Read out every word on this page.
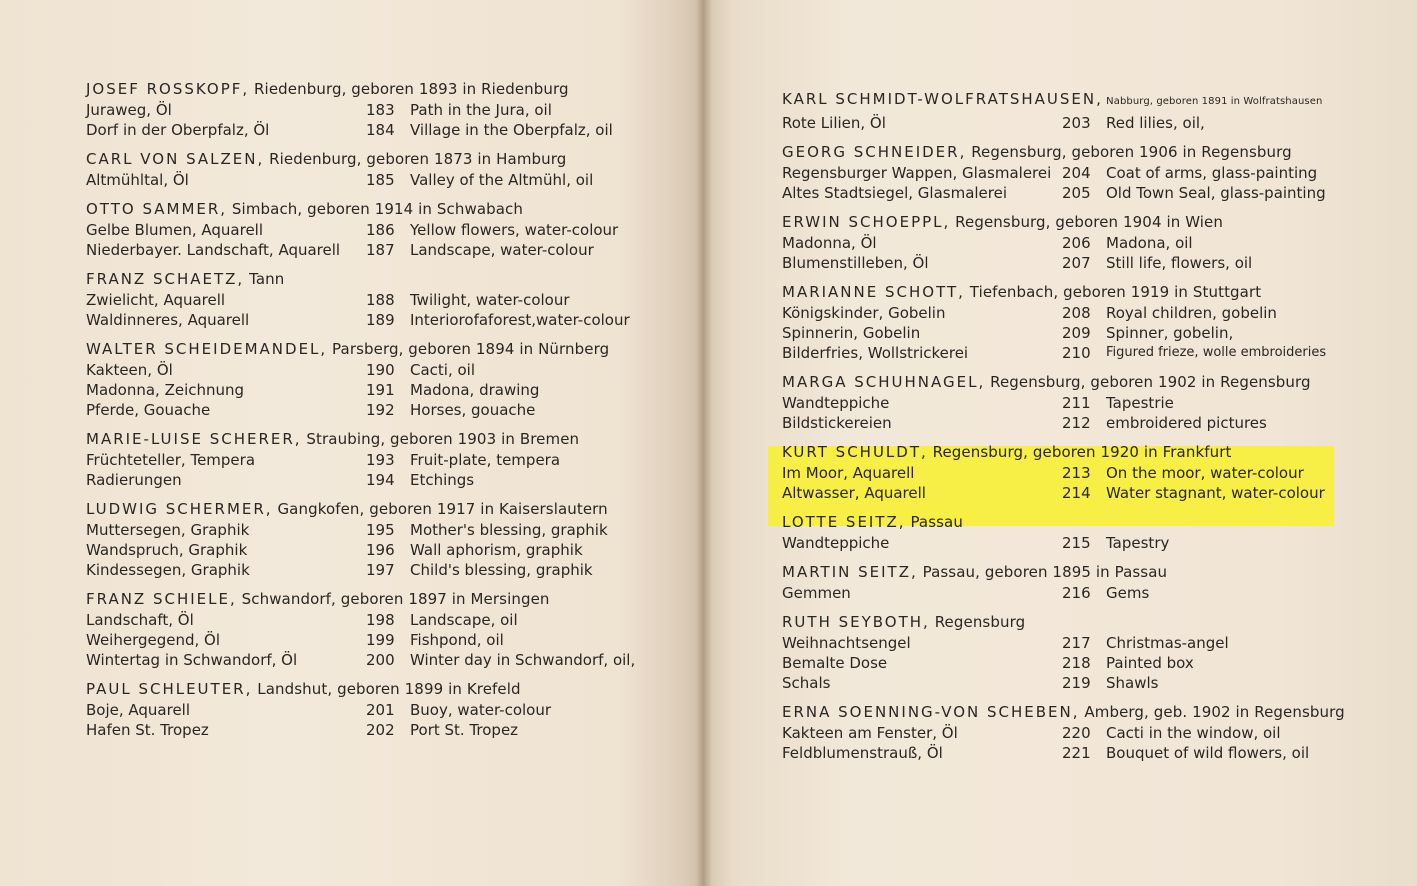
JOSEF ROSSKOPF, Riedenburg, geboren 1893 in Riedenburg
Juraweg, Öl	183	Path in the Jura, oil
Dorf in der Oberpfalz, Öl	184	Village in the Oberpfalz, oil
CARL VON SALZEN, Riedenburg, geboren 1873 in Hamburg
Altmühltal, Öl	185	Valley of the Altmühl, oil
OTTO SAMMER, Simbach, geboren 1914 in Schwabach
Gelbe Blumen, Aquarell	186	Yellow flowers, water-colour
Niederbayer. Landschaft, Aquarell 187	Landscape, water-colour
FRANZ SCHAETZ, Tann
Zwielicht, Aquarell	188	Twilight, water-colour
Waldinneres, Aquarell	189	Interiorofaforest,water-colour
WALTER SCHEIDEMANDEL, Parsberg, geboren 1894 in Nürnberg
Kakteen, Öl	190	Cacti, oil
Madonna, Zeichnung	191	Madona, drawing
Pferde, Gouache	192	Horses, gouache
MARIE-LUISE SCHERER, Straubing, geboren 1903 in Bremen
Früchteteller, Tempera	193	Fruit-plate, tempera
Radierungen	194	Etchings
LUDWIG SCHERMER, Gangkofen, geboren 1917 in Kaiserslautern
Muttersegen, Graphik	195	Mother's blessing, graphik
Wandspruch, Graphik	196	Wall aphorism, graphik
Kindessegen, Graphik	197	Child's blessing, graphik
FRANZ SCHIELE, Schwandorf, geboren 1897 in Mersingen
Landschaft, Öl	198	Landscape, oil
Weihergegend, Öl	199	Fishpond, oil
Wintertag in Schwandorf, Öl	200	Winter day in Schwandorf, oil,
PAUL SCHLEUTER, Landshut, geboren 1899 in Krefeld
Boje, Aquarell	201	Buoy, water-colour
Hafen St. Tropez	202	Port St. Tropez
KARL SCHMIDT-WOLFRATSHAUSEN, Nabburg, geboren 1891 in Wolfratshausen
Rote Lilien, Öl	203	Red lilies, oil,
GEORG SCHNEIDER, Regensburg, geboren 1906 in Regensburg
Regensburger Wappen, Glasmalerei 204	Coat of arms, glass-painting
Altes Stadtsiegel, Glasmalerei	205	Old Town Seal, glass-painting
ERWIN SCHOEPPL, Regensburg, geboren 1904 in Wien
Madonna, Öl	206	Madona, oil
Blumenstilleben, Öl	207	Still life, flowers, oil
MARIANNE SCHOTT, Tiefenbach, geboren 1919 in Stuttgart
Königskinder, Gobelin	208	Royal children, gobelin
Spinnerin, Gobelin	209	Spinner, gobelin,
Bilderfries, Wollstrickerei	210	Figured frieze, wolle embroideries
MARGA SCHUHNAGEL, Regensburg, geboren 1902 in Regensburg
Wandteppiche	211	Tapestrie
Bildstickereien	212	embroidered pictures
KURT SCHULDT, Regensburg, geboren 1920 in Frankfurt
Im Moor, Aquarell	213	On the moor, water-colour
Altwasser, Aquarell	214	Water stagnant, water-colour
LOTTE SEITZ, Passau
Wandteppiche	215	Tapestry
MARTIN SEITZ, Passau, geboren 1895 in Passau
Gemmen	216	Gems
RUTH SEYBOTH, Regensburg
Weihnachtsengel	217	Christmas-angel
Bemalte Dose	218	Painted box
Schals	219	Shawls
ERNA SOENNING-VON SCHEBEN, Amberg, geb. 1902 in Regensburg
Kakteen am Fenster, Öl	220	Cacti in the window, oil
Feldblumenstrauß, Öl	221	Bouquet of wild flowers, oil
